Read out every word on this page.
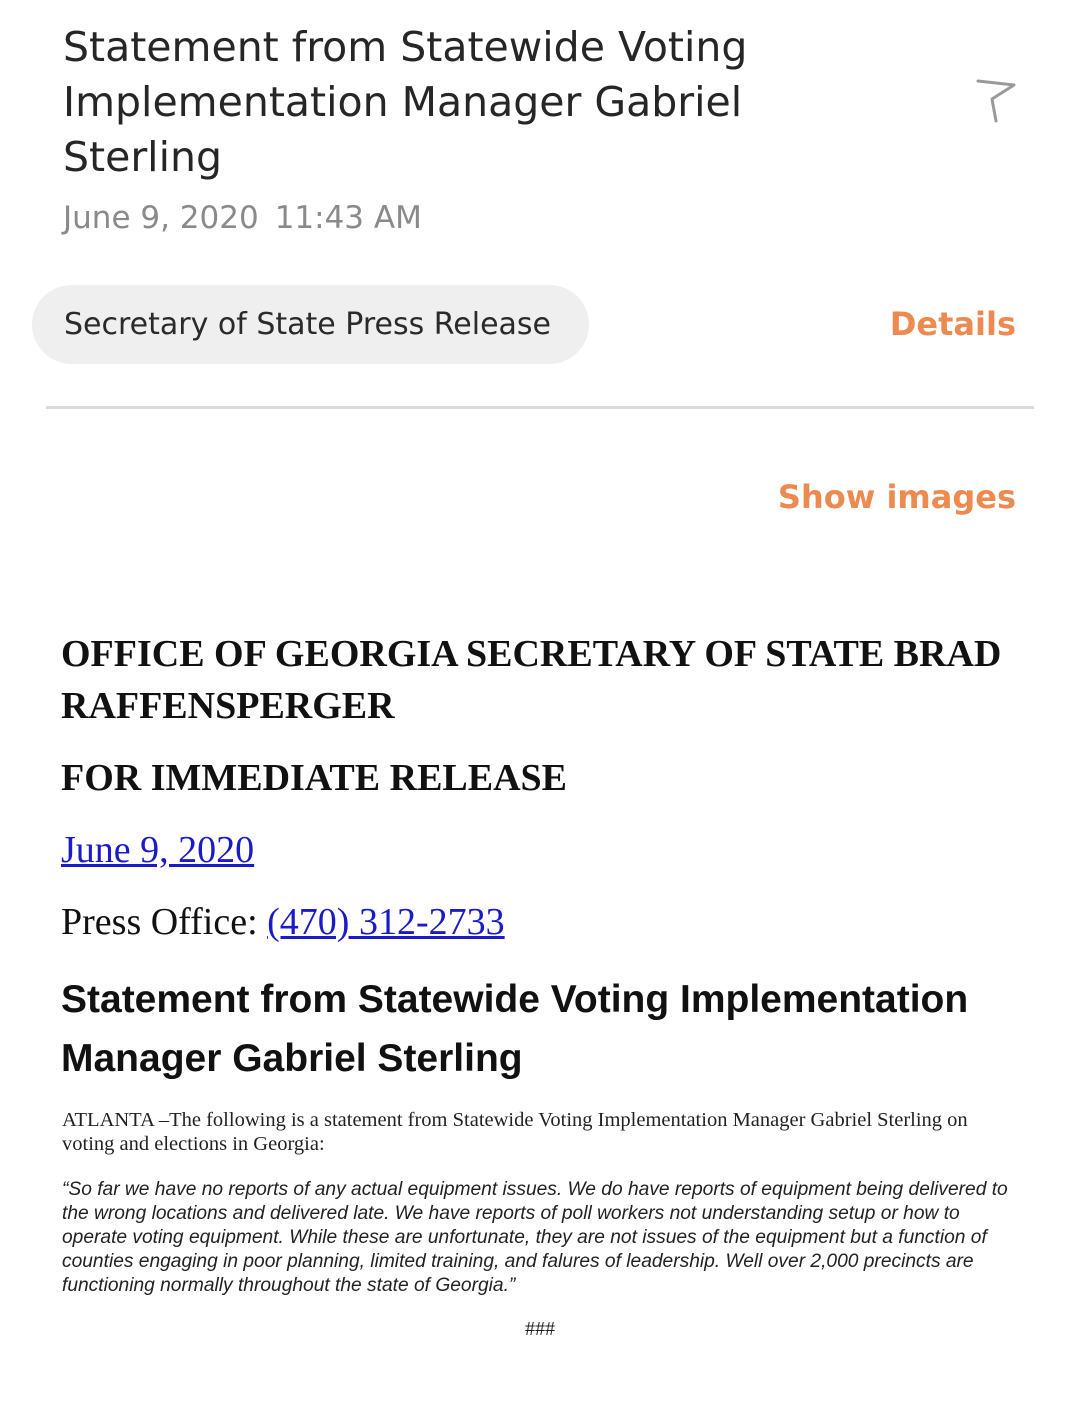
Statement from Statewide Voting Implementation Manager Gabriel Sterling
June 9, 2020 11:43 AM
Secretary of State Press Release	Details
Show images
OFFICE OF GEORGIA SECRETARY OF STATE BRAD RAFFENSPERGER
FOR IMMEDIATE RELEASE
June 9, 2020
Press Office: (470) 312-2733
Statement from Statewide Voting Implementation Manager Gabriel Sterling
ATLANTA –The following is a statement from Statewide Voting Implementation Manager Gabriel Sterling on voting and elections in Georgia:
“So far we have no reports of any actual equipment issues. We do have reports of equipment being delivered to the wrong locations and delivered late. We have reports of poll workers not understanding setup or how to operate voting equipment. While these are unfortunate, they are not issues of the equipment but a function of counties engaging in poor planning, limited training, and falures of leadership. Well over 2,000 precincts are functioning normally throughout the state of Georgia.”
###
